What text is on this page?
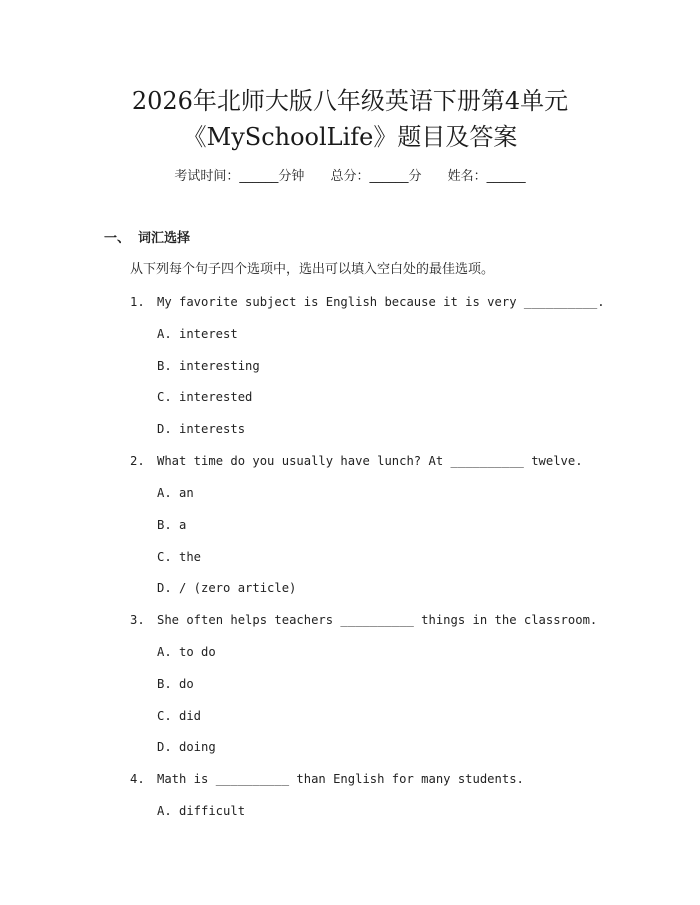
2026年北师大版八年级英语下册第4单元
《MySchoolLife》题目及答案
考试时间：______分钟 总分：______分 姓名：______
一、 词汇选择
从下列每个句子四个选项中，选出可以填入空白处的最佳选项。
1. My favorite subject is English because it is very __________.
A. interest
B. interesting
C. interested
D. interests
2. What time do you usually have lunch? At __________ twelve.
A. an
B. a
C. the
D. / (zero article)
3. She often helps teachers __________ things in the classroom.
A. to do
B. do
C. did
D. doing
4. Math is __________ than English for many students.
A. difficult
